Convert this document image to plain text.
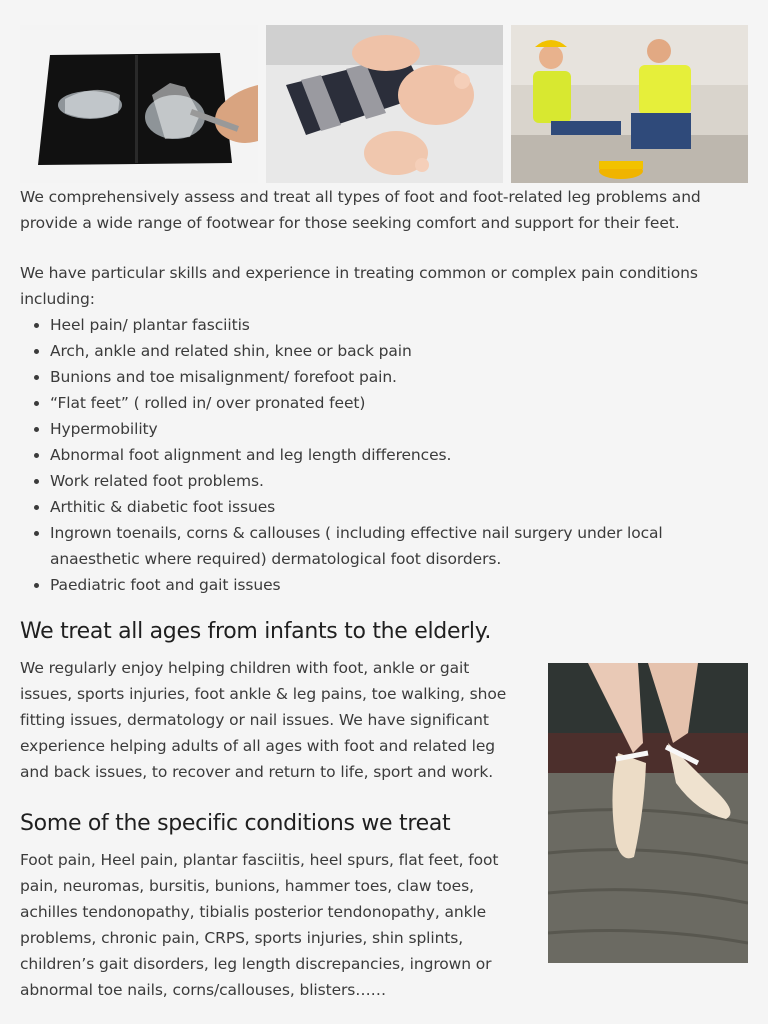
We comprehensively assess and treat all types of foot and foot-related leg problems and provide a wide range of footwear for those seeking comfort and support for their feet.

We have particular skills and experience in treating common or complex pain conditions including:

• Heel pain/ plantar fasciitis
• Arch, ankle and related shin, knee or back pain
• Bunions and toe misalignment/ forefoot pain.
• “Flat feet” ( rolled in/ over pronated feet)
• Hypermobility
• Abnormal foot alignment and leg length differences.
• Work related foot problems.
• Arthitic & diabetic foot issues
• Ingrown toenails, corns & callouses ( including effective nail surgery under local anaesthetic where required) dermatological foot disorders.
• Paediatric foot and gait issues
We treat all ages from infants to the elderly.

We regularly enjoy helping children with foot, ankle or gait issues, sports injuries, foot ankle & leg pains, toe walking, shoe fitting issues, dermatology or nail issues. We have significant experience helping adults of all ages with foot and related leg and back issues, to recover and return to life, sport and work.

Some of the specific conditions we treat

Foot pain, Heel pain, plantar fasciitis, heel spurs, flat feet, foot pain, neuromas, bursitis, bunions, hammer toes, claw toes, achilles tendonopathy, tibialis posterior tendonopathy, ankle problems, chronic pain, CRPS, sports injuries, shin splints, children’s gait disorders, leg length discrepancies, ingrown or abnormal toe nails, corns/callouses, blisters……
